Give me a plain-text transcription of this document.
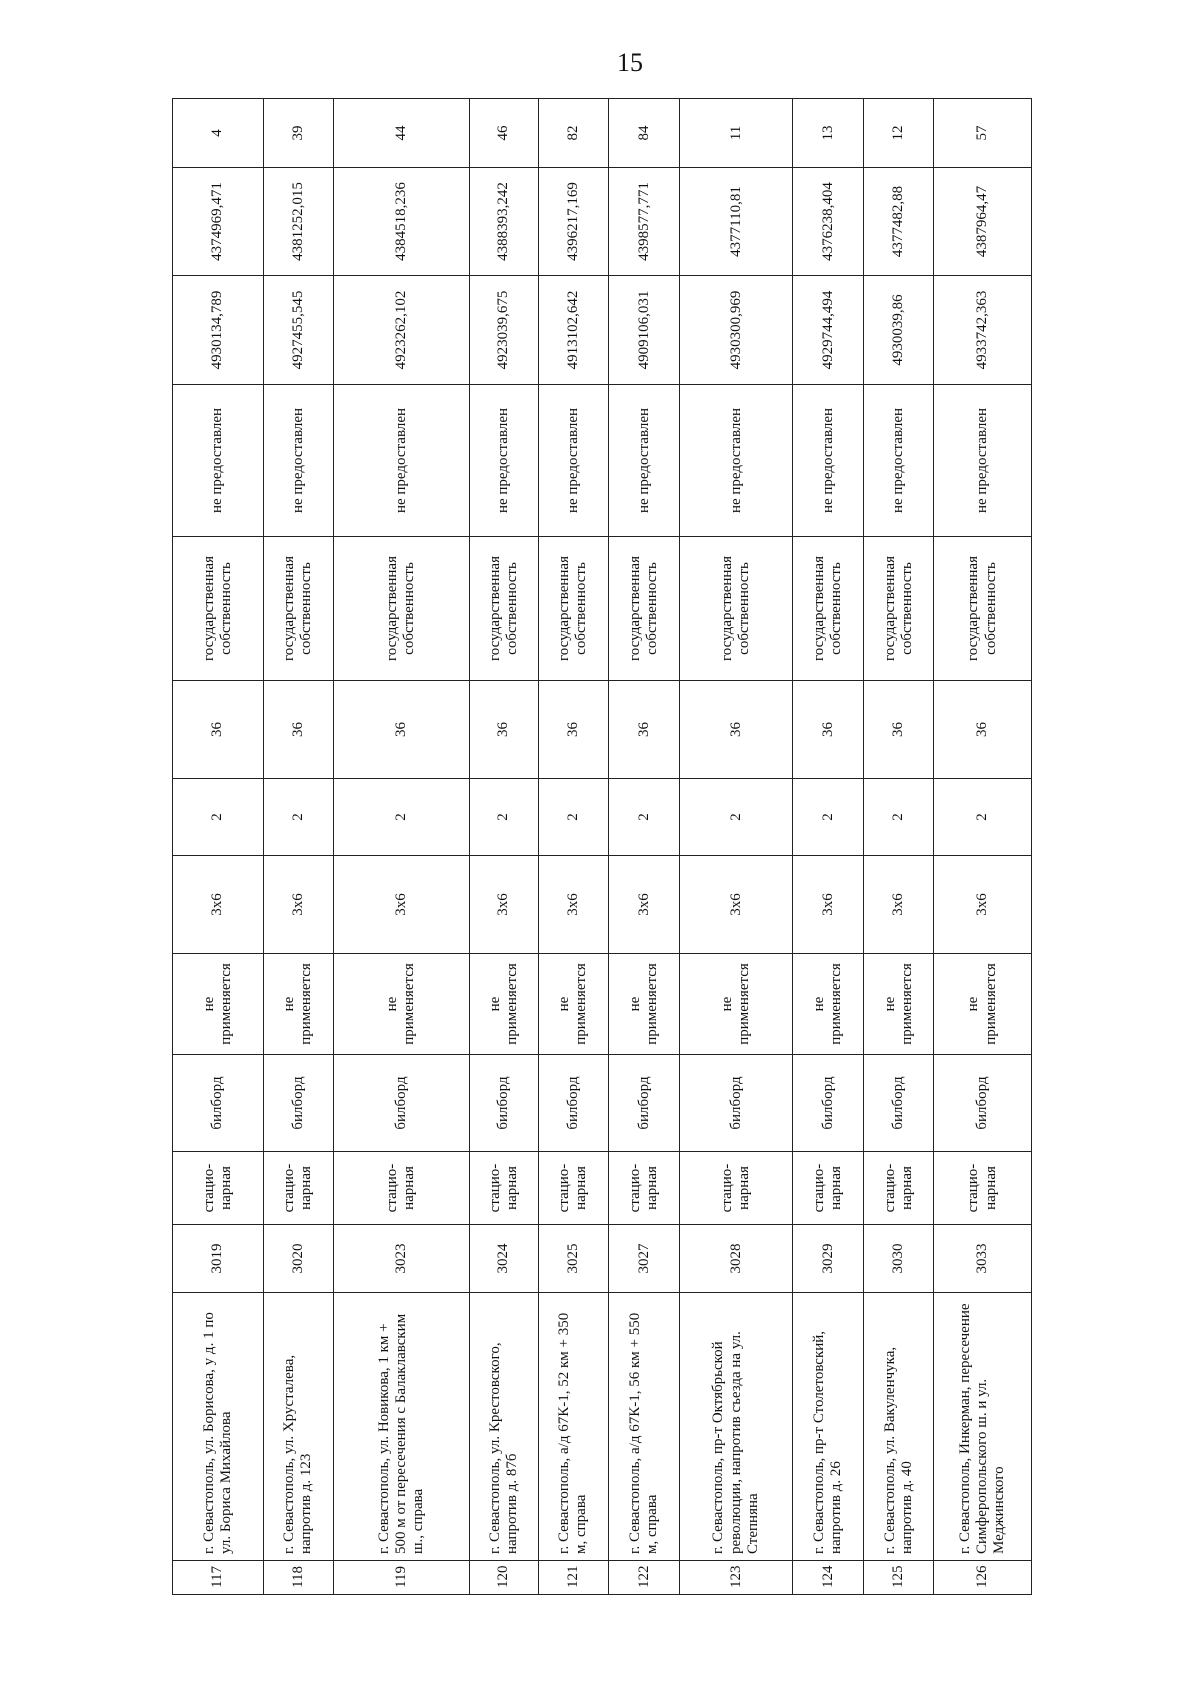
15
117	г. Севастополь, ул. Борисова, у д. 1 по ул. Бориса Михайлова	3019	стацио-нарная	билборд	не применяется	3x6	2	36	государственная собственность	не предоставлен	4930134,789	4374969,471	4
118	г. Севастополь, ул. Хрусталева, напротив д. 123	3020	стацио-нарная	билборд	не применяется	3x6	2	36	государственная собственность	не предоставлен	4927455,545	4381252,015	39
119	г. Севастополь, ул. Новикова, 1 км + 500 м от пересечения с Балаклавским ш., справа	3023	стацио-нарная	билборд	не применяется	3x6	2	36	государственная собственность	не предоставлен	4923262,102	4384518,236	44
120	г. Севастополь, ул. Крестовского, напротив д. 87б	3024	стацио-нарная	билборд	не применяется	3x6	2	36	государственная собственность	не предоставлен	4923039,675	4388393,242	46
121	г. Севастополь, а/д 67К-1, 52 км + 350 м, справа	3025	стацио-нарная	билборд	не применяется	3x6	2	36	государственная собственность	не предоставлен	4913102,642	4396217,169	82
122	г. Севастополь, а/д 67К-1, 56 км + 550 м, справа	3027	стацио-нарная	билборд	не применяется	3x6	2	36	государственная собственность	не предоставлен	4909106,031	4398577,771	84
123	г. Севастополь, пр-т Октябрьской революции, напротив съезда на ул. Степняна	3028	стацио-нарная	билборд	не применяется	3x6	2	36	государственная собственность	не предоставлен	4930300,969	4377110,81	11
124	г. Севастополь, пр-т Столетовский, напротив д. 26	3029	стацио-нарная	билборд	не применяется	3x6	2	36	государственная собственность	не предоставлен	4929744,494	4376238,404	13
125	г. Севастополь, ул. Вакуленчука, напротив д. 40	3030	стацио-нарная	билборд	не применяется	3x6	2	36	государственная собственность	не предоставлен	4930039,86	4377482,88	12
126	г. Севастополь, Инкерман, пересечение Симферопольского ш. и ул. Меджинского	3033	стацио-нарная	билборд	не применяется	3x6	2	36	государственная собственность	не предоставлен	4933742,363	4387964,47	57
